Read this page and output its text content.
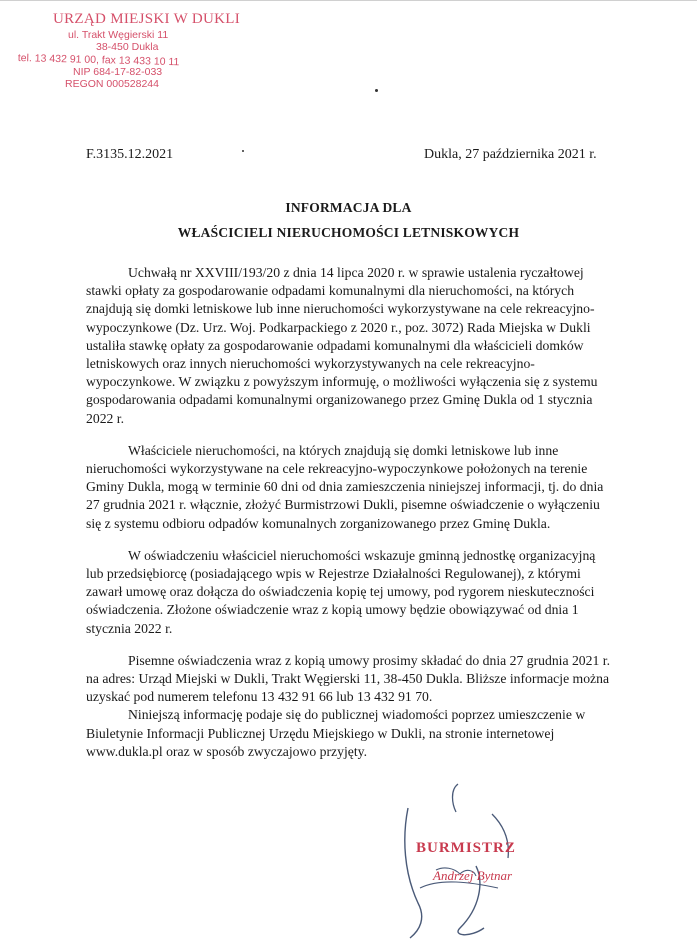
URZĄD MIEJSKI W DUKLI
ul. Trakt Węgierski 11
38-450 Dukla
tel. 13 432 91 00, fax 13 433 10 11
NIP 684-17-82-033
REGON 000528244
F.3135.12.2021	Dukla, 27 października 2021 r.
INFORMACJA DLA
WŁAŚCICIELI NIERUCHOMOŚCI LETNISKOWYCH

Uchwałą nr XXVIII/193/20 z dnia 14 lipca 2020 r. w sprawie ustalenia ryczałtowej stawki opłaty za gospodarowanie odpadami komunalnymi dla nieruchomości, na których znajdują się domki letniskowe lub inne nieruchomości wykorzystywane na cele rekreacyjno-wypoczynkowe (Dz. Urz. Woj. Podkarpackiego z 2020 r., poz. 3072) Rada Miejska w Dukli ustaliła stawkę opłaty za gospodarowanie odpadami komunalnymi dla właścicieli domków letniskowych oraz innych nieruchomości wykorzystywanych na cele rekreacyjno-wypoczynkowe. W związku z powyższym informuję, o możliwości wyłączenia się z systemu gospodarowania odpadami komunalnymi organizowanego przez Gminę Dukla od 1 stycznia 2022 r.

Właściciele nieruchomości, na których znajdują się domki letniskowe lub inne nieruchomości wykorzystywane na cele rekreacyjno-wypoczynkowe położonych na terenie Gminy Dukla, mogą w terminie 60 dni od dnia zamieszczenia niniejszej informacji, tj. do dnia 27 grudnia 2021 r. włącznie, złożyć Burmistrzowi Dukli, pisemne oświadczenie o wyłączeniu się z systemu odbioru odpadów komunalnych zorganizowanego przez Gminę Dukla.

W oświadczeniu właściciel nieruchomości wskazuje gminną jednostkę organizacyjną lub przedsiębiorcę (posiadającego wpis w Rejestrze Działalności Regulowanej), z którymi zawarł umowę oraz dołącza do oświadczenia kopię tej umowy, pod rygorem nieskuteczności oświadczenia. Złożone oświadczenie wraz z kopią umowy będzie obowiązywać od dnia 1 stycznia 2022 r.

Pisemne oświadczenia wraz z kopią umowy prosimy składać do dnia 27 grudnia 2021 r. na adres: Urząd Miejski w Dukli, Trakt Węgierski 11, 38-450 Dukla. Bliższe informacje można uzyskać pod numerem telefonu 13 432 91 66 lub 13 432 91 70.

Niniejszą informację podaje się do publicznej wiadomości poprzez umieszczenie w Biuletynie Informacji Publicznej Urzędu Miejskiego w Dukli, na stronie internetowej www.dukla.pl oraz w sposób zwyczajowo przyjęty.

BURMISTRZ
Andrzej Bytnar
